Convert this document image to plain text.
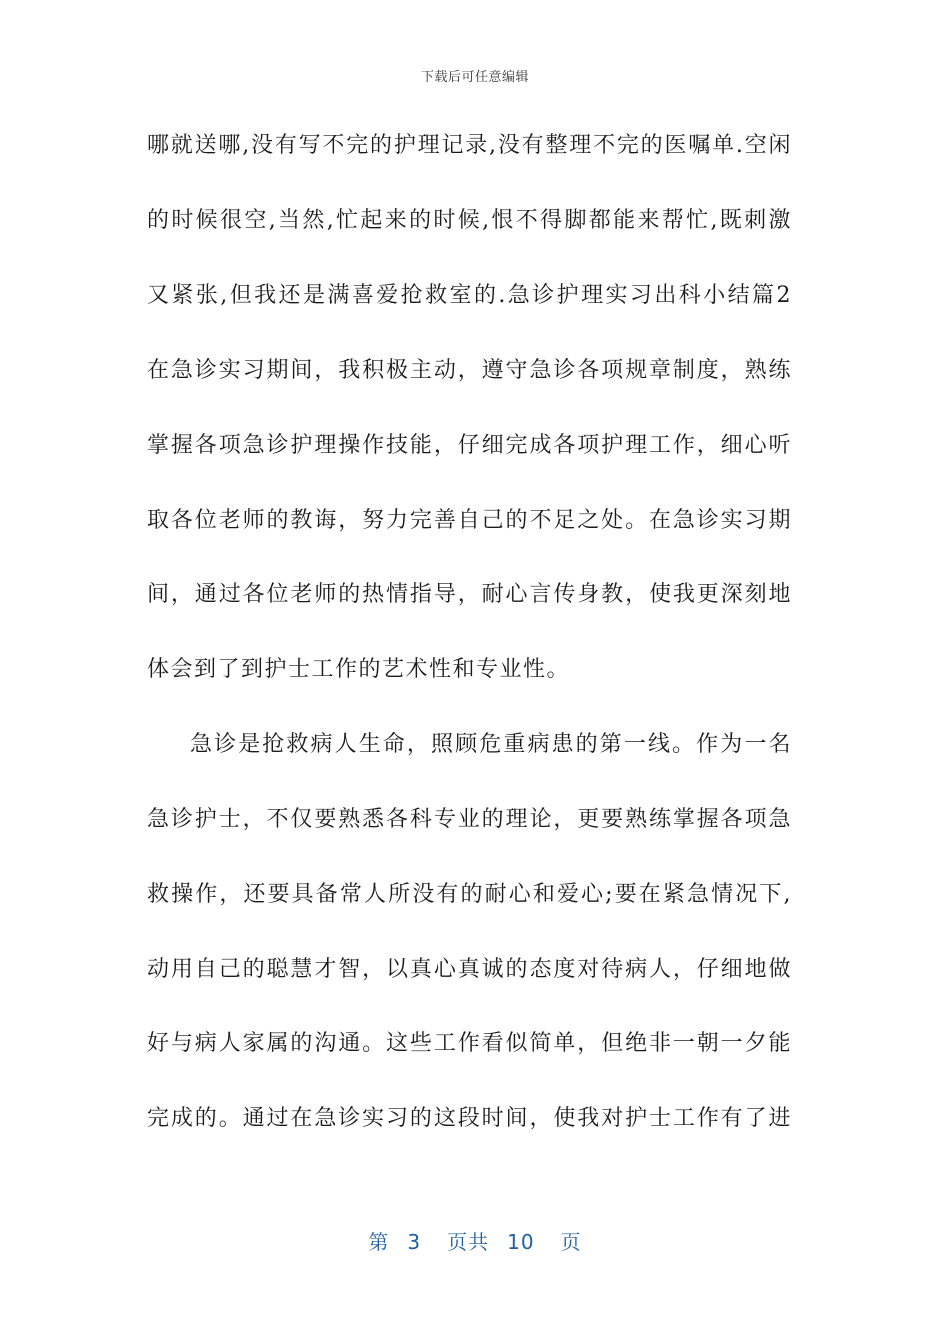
下载后可任意编辑
哪就送哪,没有写不完的护理记录,没有整理不完的医嘱单.空闲
的时候很空,当然,忙起来的时候,恨不得脚都能来帮忙,既刺激
又紧张,但我还是满喜爱抢救室的.急诊护理实习出科小结篇2
在急诊实习期间，我积极主动，遵守急诊各项规章制度，熟练
掌握各项急诊护理操作技能，仔细完成各项护理工作，细心听
取各位老师的教诲，努力完善自己的不足之处。在急诊实习期
间，通过各位老师的热情指导，耐心言传身教，使我更深刻地
体会到了到护士工作的艺术性和专业性。
急诊是抢救病人生命，照顾危重病患的第一线。作为一名
急诊护士，不仅要熟悉各科专业的理论，更要熟练掌握各项急
救操作，还要具备常人所没有的耐心和爱心;要在紧急情况下,
动用自己的聪慧才智，以真心真诚的态度对待病人，仔细地做
好与病人家属的沟通。这些工作看似简单，但绝非一朝一夕能
完成的。通过在急诊实习的这段时间，使我对护士工作有了进
第 3 页共 10 页
